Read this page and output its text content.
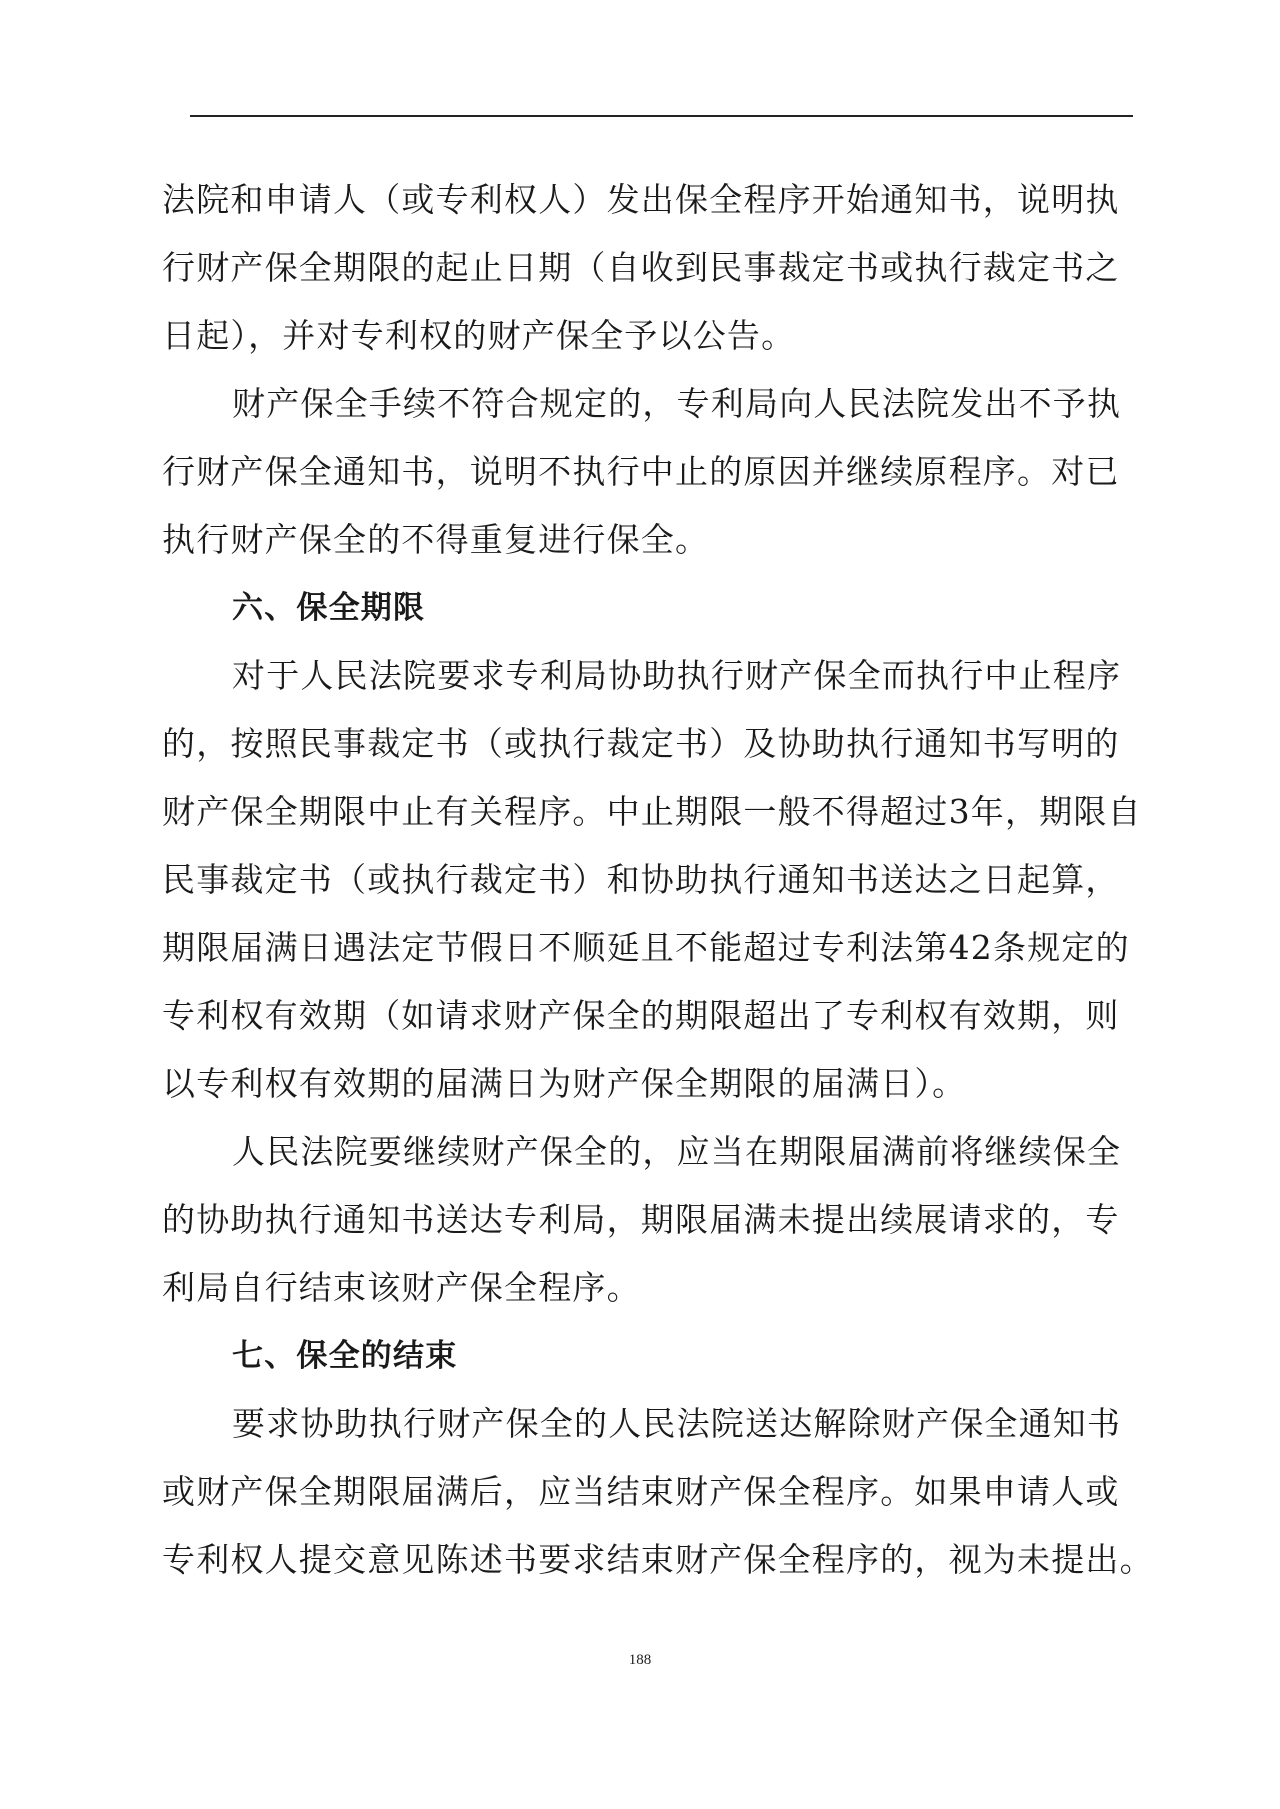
法院和申请人（或专利权人）发出保全程序开始通知书，说明执
行财产保全期限的起止日期（自收到民事裁定书或执行裁定书之
日起），并对专利权的财产保全予以公告。
财产保全手续不符合规定的，专利局向人民法院发出不予执
行财产保全通知书，说明不执行中止的原因并继续原程序。对已
执行财产保全的不得重复进行保全。
六、保全期限
对于人民法院要求专利局协助执行财产保全而执行中止程序
的，按照民事裁定书（或执行裁定书）及协助执行通知书写明的
财产保全期限中止有关程序。中止期限一般不得超过3年，期限自
民事裁定书（或执行裁定书）和协助执行通知书送达之日起算，
期限届满日遇法定节假日不顺延且不能超过专利法第42条规定的
专利权有效期（如请求财产保全的期限超出了专利权有效期，则
以专利权有效期的届满日为财产保全期限的届满日）。
人民法院要继续财产保全的，应当在期限届满前将继续保全
的协助执行通知书送达专利局，期限届满未提出续展请求的，专
利局自行结束该财产保全程序。
七、保全的结束
要求协助执行财产保全的人民法院送达解除财产保全通知书
或财产保全期限届满后，应当结束财产保全程序。如果申请人或
专利权人提交意见陈述书要求结束财产保全程序的，视为未提出。
188
